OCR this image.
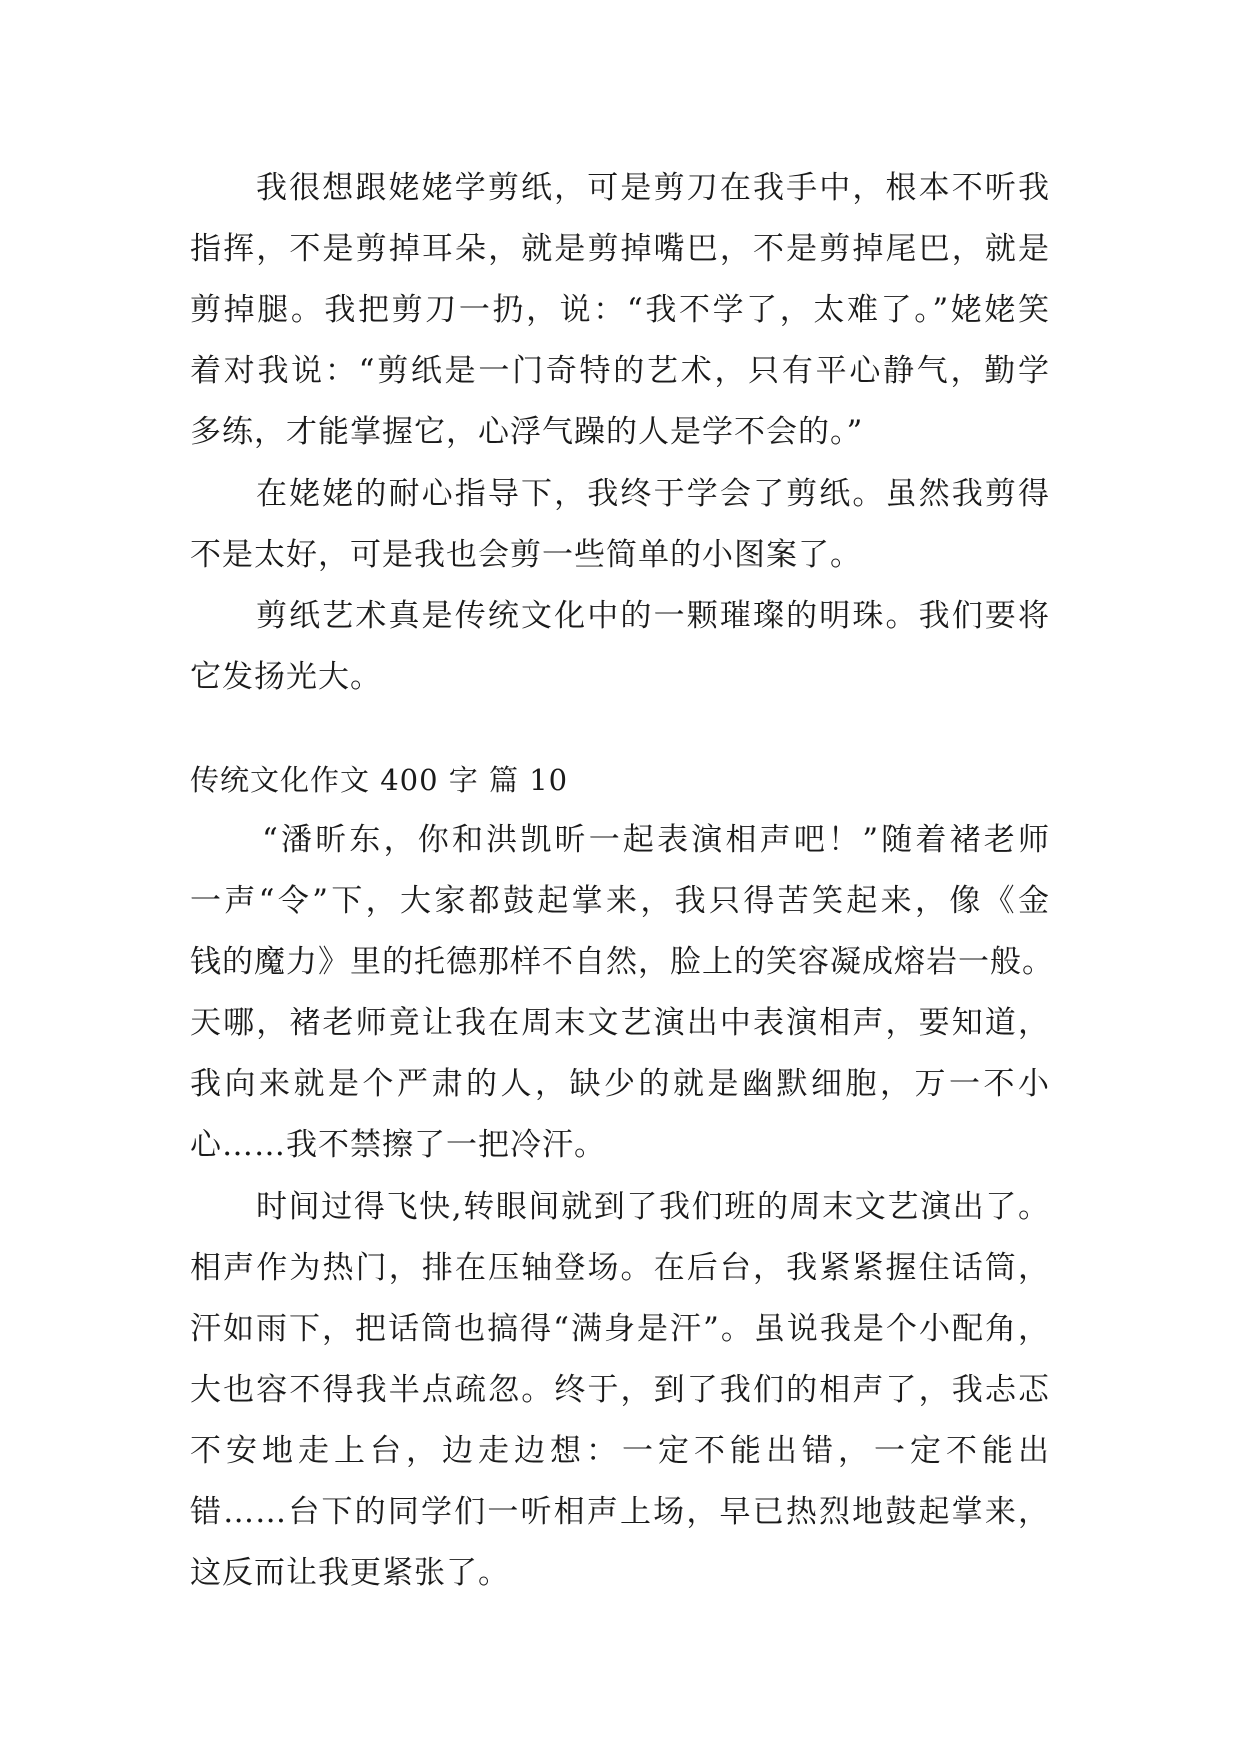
我很想跟姥姥学剪纸，可是剪刀在我手中，根本不听我
指挥，不是剪掉耳朵，就是剪掉嘴巴，不是剪掉尾巴，就是
剪掉腿。我把剪刀一扔，说：“我不学了，太难了。”姥姥笑
着对我说：“剪纸是一门奇特的艺术，只有平心静气，勤学
多练，才能掌握它，心浮气躁的人是学不会的。”
在姥姥的耐心指导下，我终于学会了剪纸。虽然我剪得
不是太好，可是我也会剪一些简单的小图案了。
剪纸艺术真是传统文化中的一颗璀璨的明珠。我们要将
它发扬光大。
传统文化作文 400 字 篇 10
“潘昕东，你和洪凯昕一起表演相声吧！”随着褚老师
一声“令”下，大家都鼓起掌来，我只得苦笑起来，像《金
钱的魔力》里的托德那样不自然，脸上的笑容凝成熔岩一般。
天哪，褚老师竟让我在周末文艺演出中表演相声，要知道，
我向来就是个严肃的人，缺少的就是幽默细胞，万一不小
心……我不禁擦了一把冷汗。
时间过得飞快,转眼间就到了我们班的周末文艺演出了。
相声作为热门，排在压轴登场。在后台，我紧紧握住话筒，
汗如雨下，把话筒也搞得“满身是汗”。虽说我是个小配角，
大也容不得我半点疏忽。终于，到了我们的相声了，我忐忑
不安地走上台，边走边想：一定不能出错，一定不能出
错……台下的同学们一听相声上场，早已热烈地鼓起掌来，
这反而让我更紧张了。
